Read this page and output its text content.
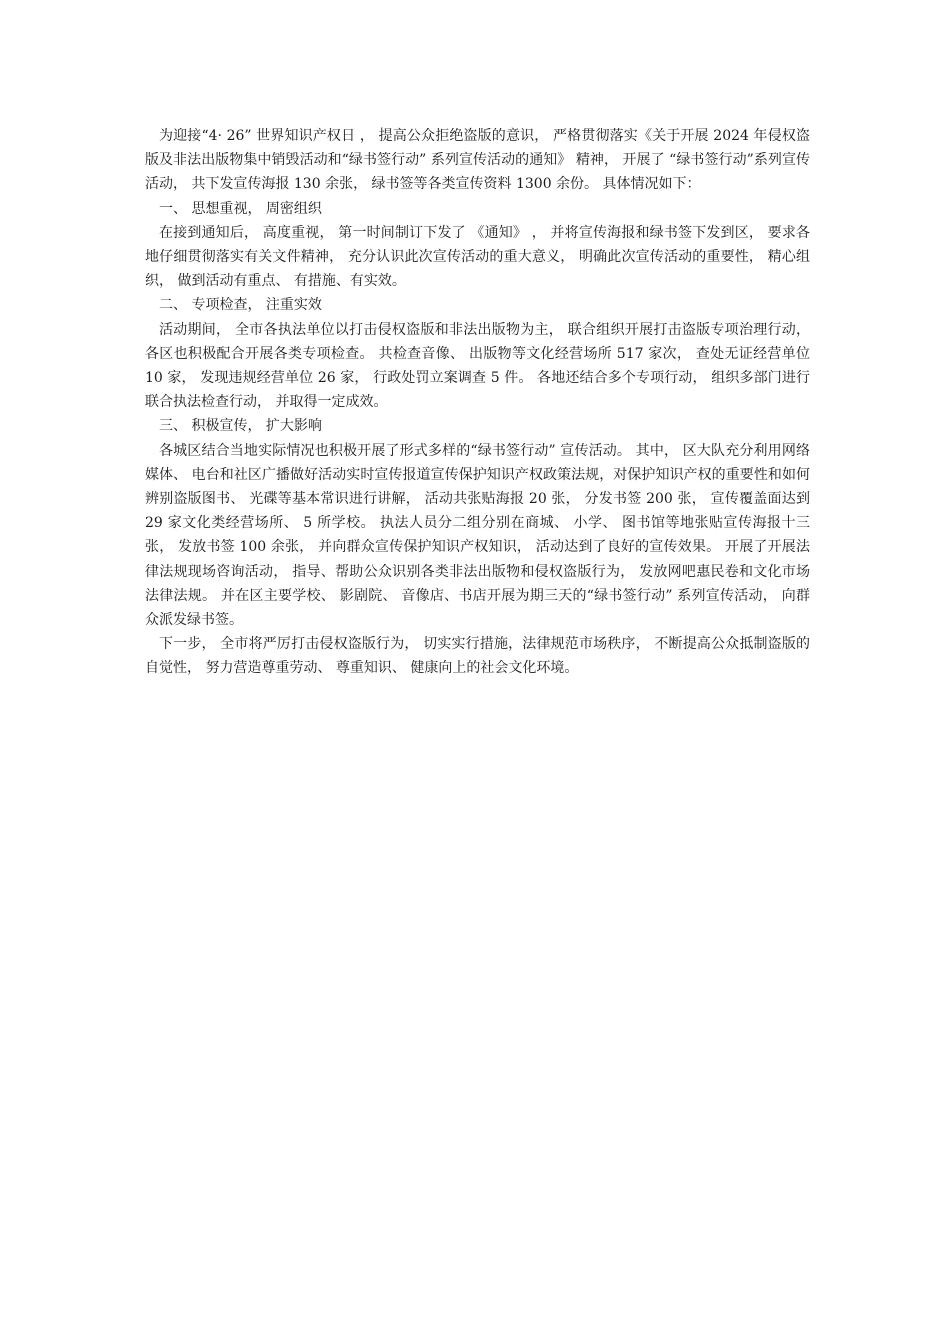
为迎接“4· 26” 世界知识产权日 ， 提高公众拒绝盗版的意识， 严格贯彻落实《关于开展 2024 年侵权盗版及非法出版物集中销毁活动和“绿书签行动” 系列宣传活动的通知》 精神， 开展了 “绿书签行动”系列宣传活动， 共下发宣传海报 130 余张， 绿书签等各类宣传资料 1300 余份。 具体情况如下：

一、 思想重视， 周密组织

在接到通知后， 高度重视， 第一时间制订下发了 《通知》 ， 并将宣传海报和绿书签下发到区， 要求各地仔细贯彻落实有关文件精神， 充分认识此次宣传活动的重大意义， 明确此次宣传活动的重要性， 精心组织， 做到活动有重点、 有措施、有实效。

二、 专项检查， 注重实效

活动期间， 全市各执法单位以打击侵权盗版和非法出版物为主， 联合组织开展打击盗版专项治理行动， 各区也积极配合开展各类专项检查。 共检查音像、 出版物等文化经营场所 517 家次， 查处无证经营单位 10 家， 发现违规经营单位 26 家， 行政处罚立案调查 5 件。 各地还结合多个专项行动， 组织多部门进行联合执法检查行动， 并取得一定成效。

三、 积极宣传， 扩大影响

各城区结合当地实际情况也积极开展了形式多样的“绿书签行动” 宣传活动。 其中， 区大队充分利用网络媒体、 电台和社区广播做好活动实时宣传报道宣传保护知识产权政策法规，对保护知识产权的重要性和如何辨别盗版图书、 光碟等基本常识进行讲解， 活动共张贴海报 20 张， 分发书签 200 张， 宣传覆盖面达到 29 家文化类经营场所、 5 所学校。 执法人员分二组分别在商城、 小学、 图书馆等地张贴宣传海报十三张， 发放书签 100 余张， 并向群众宣传保护知识产权知识， 活动达到了良好的宣传效果。 开展了开展法律法规现场咨询活动， 指导、帮助公众识别各类非法出版物和侵权盗版行为， 发放网吧惠民卷和文化市场法律法规。 并在区主要学校、 影剧院、 音像店、书店开展为期三天的“绿书签行动” 系列宣传活动， 向群众派发绿书签。

下一步， 全市将严厉打击侵权盗版行为， 切实实行措施，法律规范市场秩序， 不断提高公众抵制盗版的自觉性， 努力营造尊重劳动、 尊重知识、 健康向上的社会文化环境。
